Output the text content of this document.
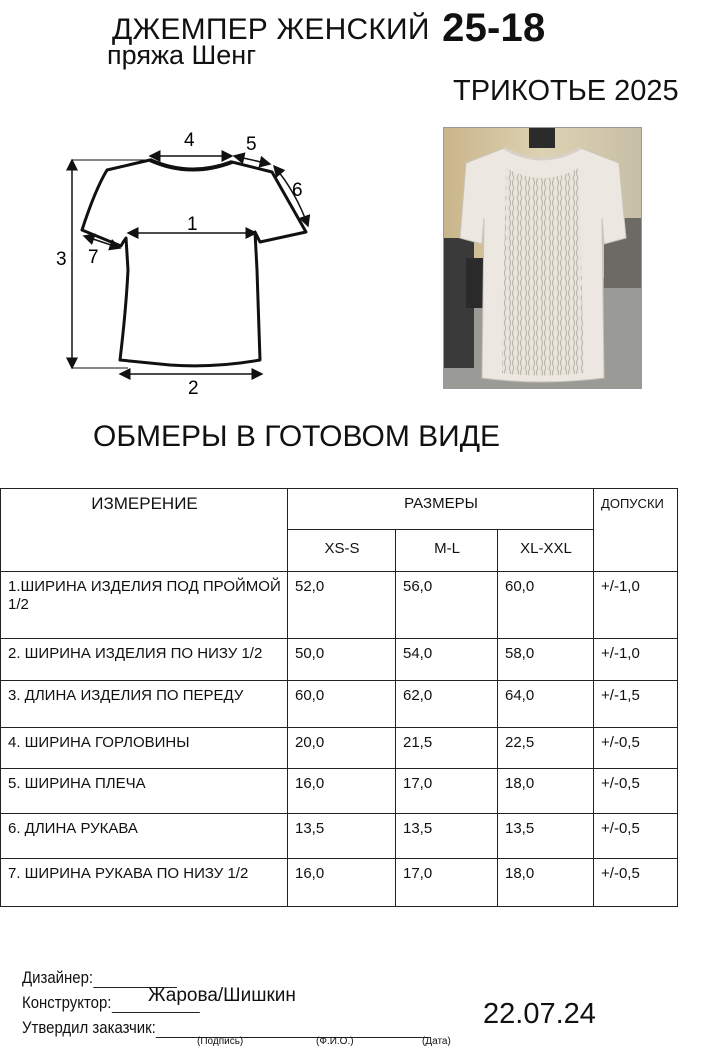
ДЖЕМПЕР ЖЕНСКИЙ 25-18
пряжа Шенг
ТРИКОТЬЕ 2025
4	5
6
1
7
3
2
ОБМЕРЫ В ГОТОВОМ ВИДЕ
ИЗМЕРЕНИЕ	РАЗМЕРЫ			ДОПУСКИ
	XS-S	M-L	XL-XXL	
1.ШИРИНА ИЗДЕЛИЯ ПОД ПРОЙМОЙ 1/2	52,0	56,0	60,0	+/-1,0
2. ШИРИНА ИЗДЕЛИЯ ПО НИЗУ 1/2	50,0	54,0	58,0	+/-1,0
3. ДЛИНА ИЗДЕЛИЯ ПО ПЕРЕДУ	60,0	62,0	64,0	+/-1,5
4. ШИРИНА ГОРЛОВИНЫ	20,0	21,5	22,5	+/-0,5
5. ШИРИНА ПЛЕЧА	16,0	17,0	18,0	+/-0,5
6. ДЛИНА РУКАВА	13,5	13,5	13,5	+/-0,5
7. ШИРИНА РУКАВА ПО НИЗУ 1/2	16,0	17,0	18,0	+/-0,5
Дизайнер:
Конструктор:	Жарова/Шишкин
Утвердил заказчик:
(Подпись)	(Ф.И.О.)	(Дата)
22.07.24
